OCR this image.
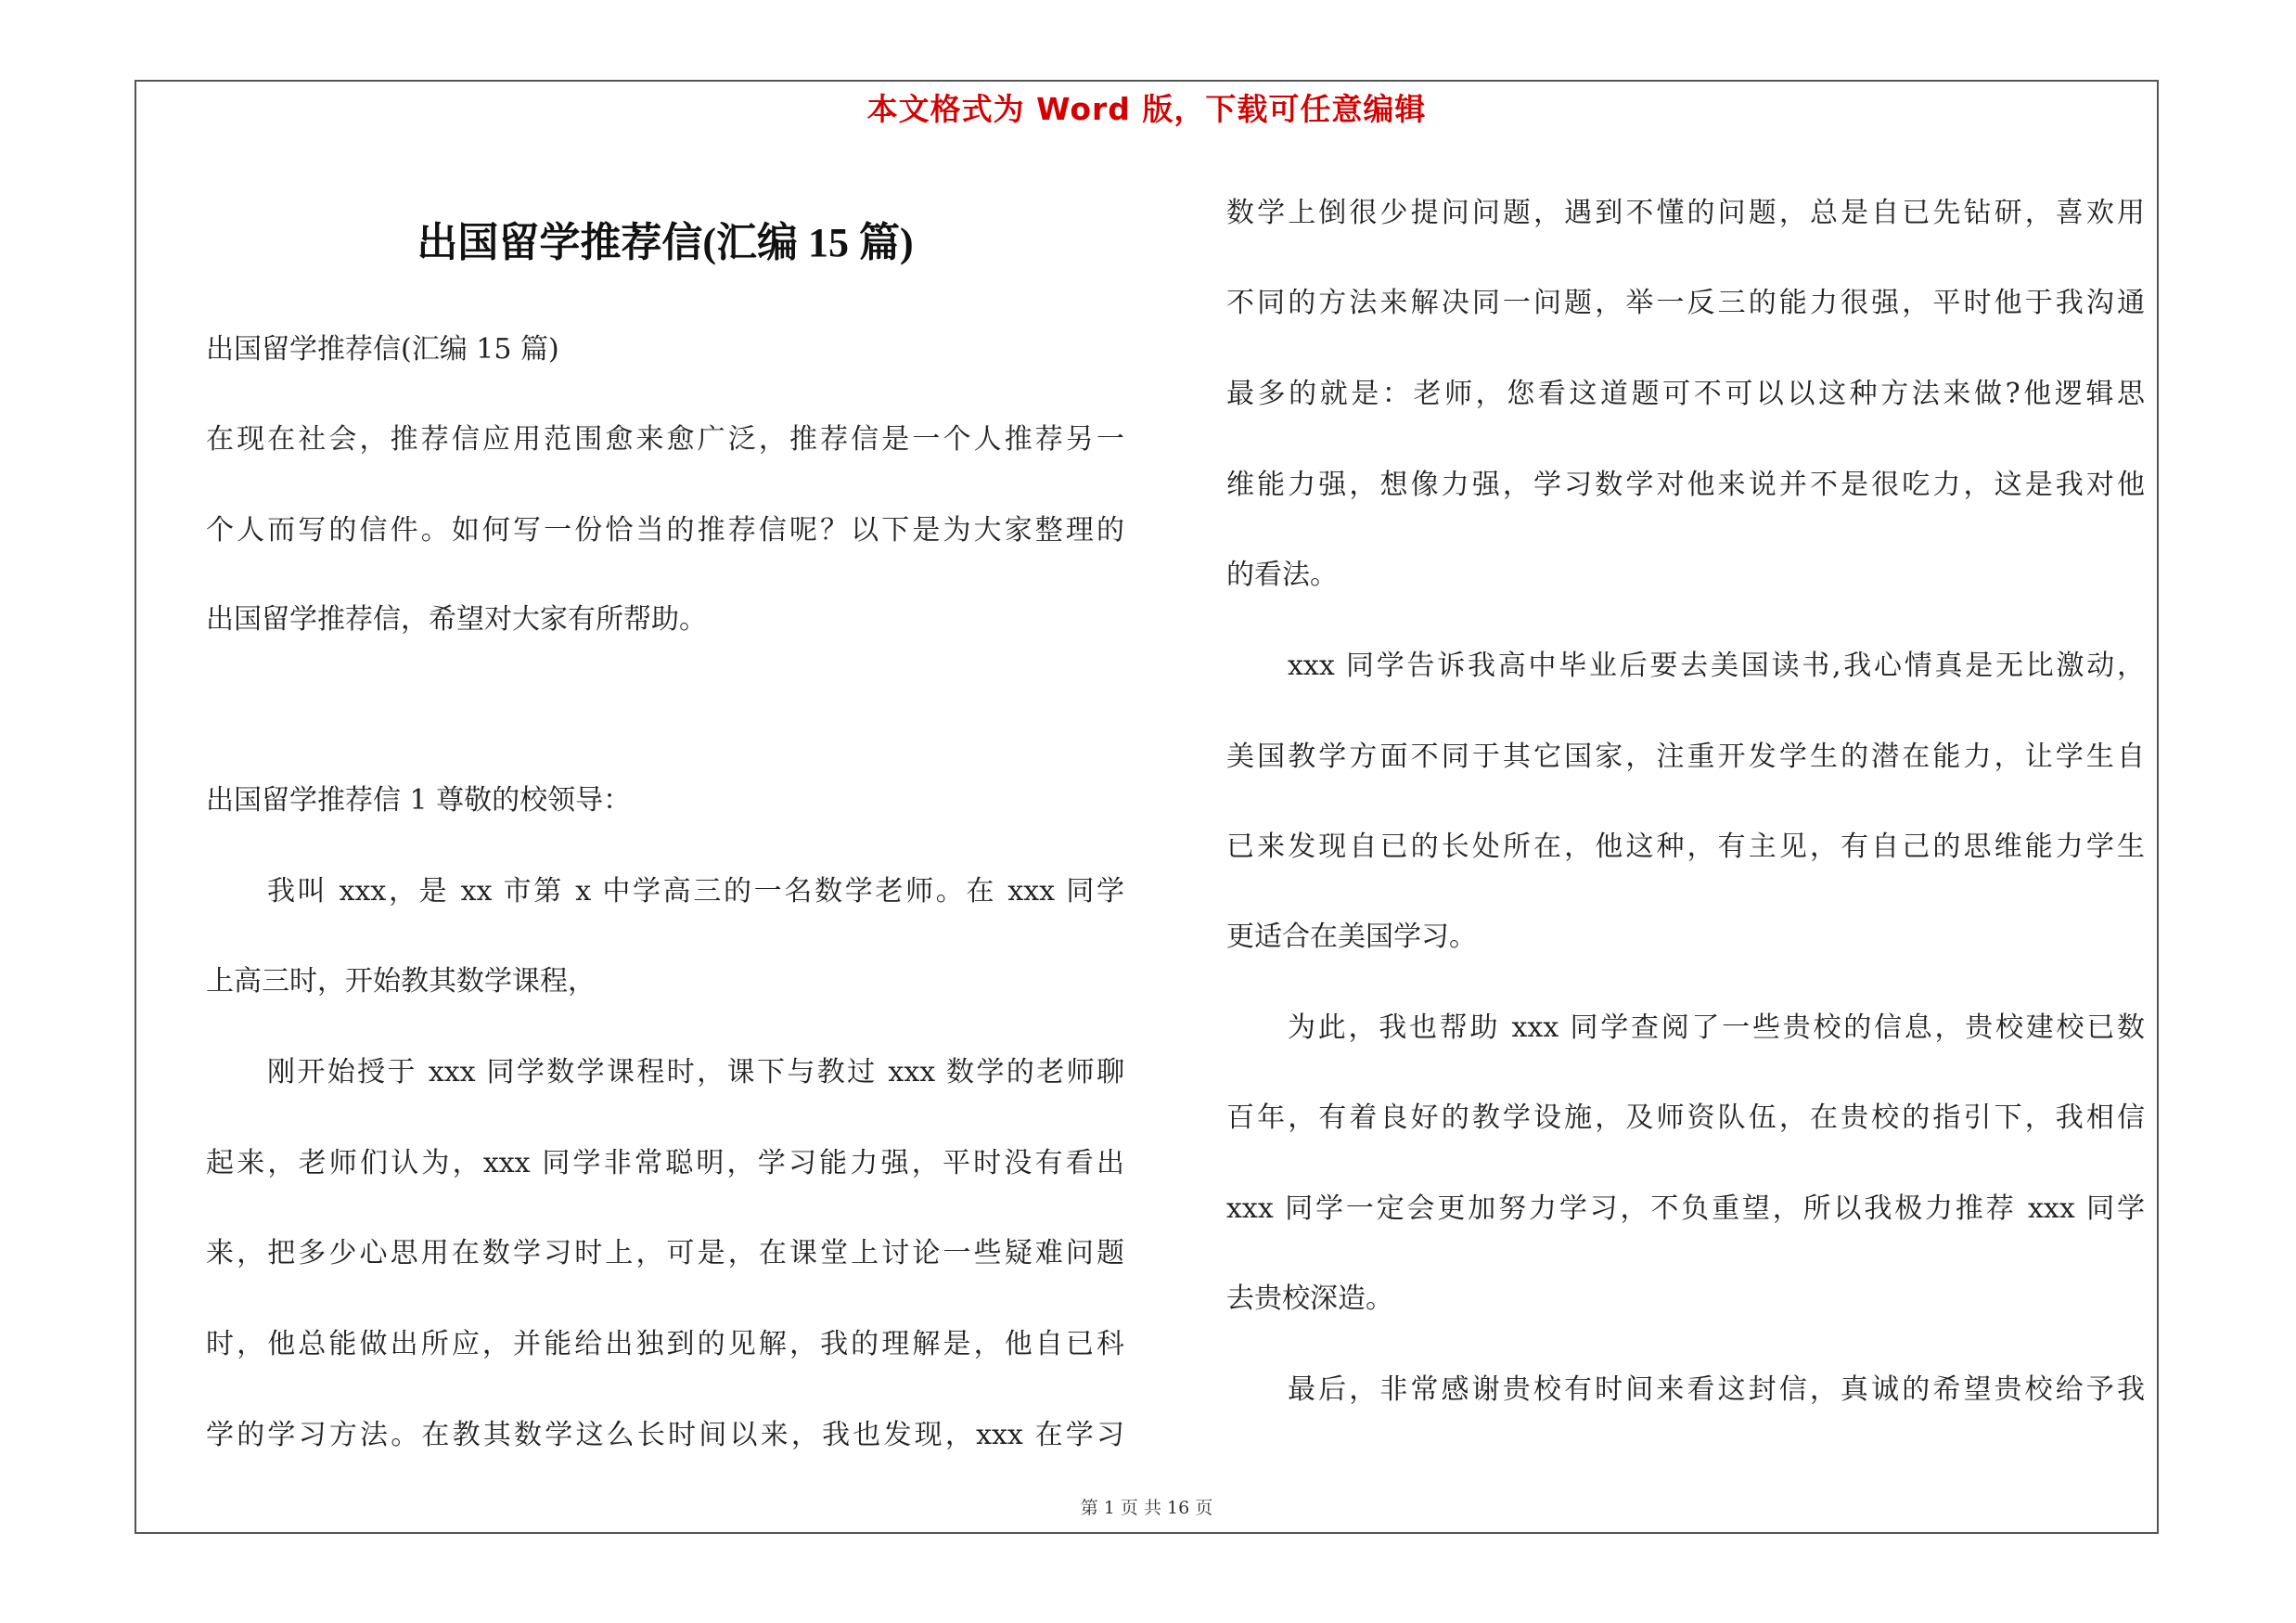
本文格式为 Word 版，下载可任意编辑
出国留学推荐信(汇编 15 篇)
出国留学推荐信(汇编 15 篇)
在现在社会，推荐信应用范围愈来愈广泛，推荐信是一个人推荐另一
个人而写的信件。如何写一份恰当的推荐信呢？以下是为大家整理的
出国留学推荐信，希望对大家有所帮助。
出国留学推荐信 1 尊敬的校领导：
我叫 xxx，是 xx 市第 x 中学高三的一名数学老师。在 xxx 同学
上高三时，开始教其数学课程，
刚开始授于 xxx 同学数学课程时，课下与教过 xxx 数学的老师聊
起来，老师们认为，xxx 同学非常聪明，学习能力强，平时没有看出
来，把多少心思用在数学习时上，可是，在课堂上讨论一些疑难问题
时，他总能做出所应，并能给出独到的见解，我的理解是，他自已科
学的学习方法。在教其数学这么长时间以来，我也发现，xxx 在学习
数学上倒很少提问问题，遇到不懂的问题，总是自已先钻研，喜欢用
不同的方法来解决同一问题，举一反三的能力很强，平时他于我沟通
最多的就是：老师，您看这道题可不可以以这种方法来做?他逻辑思
维能力强，想像力强，学习数学对他来说并不是很吃力，这是我对他
的看法。
xxx 同学告诉我高中毕业后要去美国读书,我心情真是无比激动，
美国教学方面不同于其它国家，注重开发学生的潜在能力，让学生自
已来发现自已的长处所在，他这种，有主见，有自己的思维能力学生
更适合在美国学习。
为此，我也帮助 xxx 同学查阅了一些贵校的信息，贵校建校已数
百年，有着良好的教学设施，及师资队伍，在贵校的指引下，我相信
xxx 同学一定会更加努力学习，不负重望，所以我极力推荐 xxx 同学
去贵校深造。
最后，非常感谢贵校有时间来看这封信，真诚的希望贵校给予我
第 1 页 共 16 页
